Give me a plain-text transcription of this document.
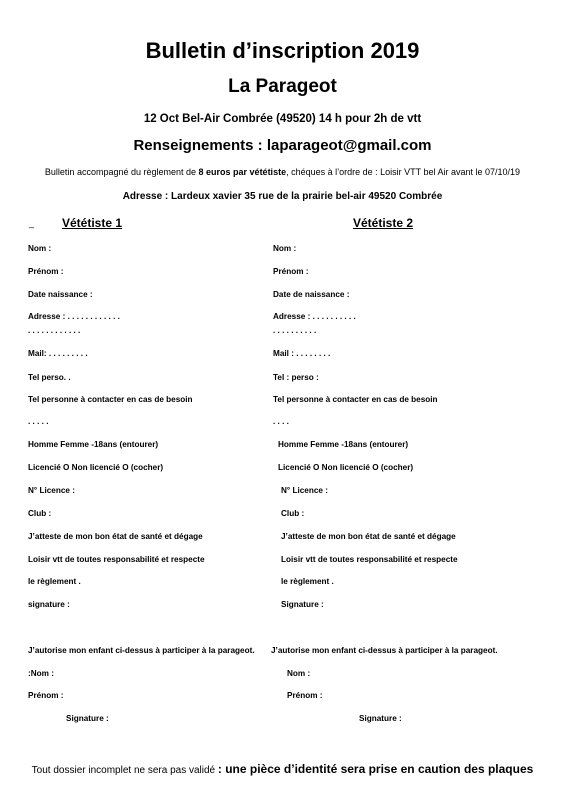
Bulletin d’inscription 2019
La Parageot
12 Oct Bel-Air Combrée (49520) 14 h pour 2h de vtt
Renseignements : laparageot@gmail.com
Bulletin accompagné du règlement de 8 euros par vététiste, chéques à l’ordre de : Loisir VTT bel Air avant le 07/10/19
Adresse : Lardeux xavier 35 rue de la prairie bel-air 49520 Combrée
_ Vététiste 1	Vététiste 2
Nom :
Prénom :
Date naissance :
Adresse : . . . . . . . . . . . .
. . . . . . . . . . . .
Mail: . . . . . . . . .
Tel perso. .
Tel personne à contacter en cas de besoin
. . . . .
Homme Femme -18ans (entourer)
Licencié O Non licencié O (cocher)
N° Licence :
Club :
J’atteste de mon bon état de santé et dégage
Loisir vtt de toutes responsabilité et respecte
le règlement .
signature :
J’autorise mon enfant ci-dessus à participer à la parageot.
:Nom :
Prénom :
Signature :
Nom :
Prénom :
Date de naissance :
Adresse : . . . . . . . . . .
. . . . . . . . . .
Mail : . . . . . . . .
Tel : perso :
Tel personne à contacter en cas de besoin
. . . .
Homme Femme -18ans (entourer)
Licencié O Non licencié O (cocher)
N° Licence :
Club :
J’atteste de mon bon état de santé et dégage
Loisir vtt de toutes responsabilité et respecte
le règlement .
Signature :
J’autorise mon enfant ci-dessus à participer à la parageot.
Nom :
Prénom :
Signature :
Tout dossier incomplet ne sera pas validé : une pièce d’identité sera prise en caution des plaques
